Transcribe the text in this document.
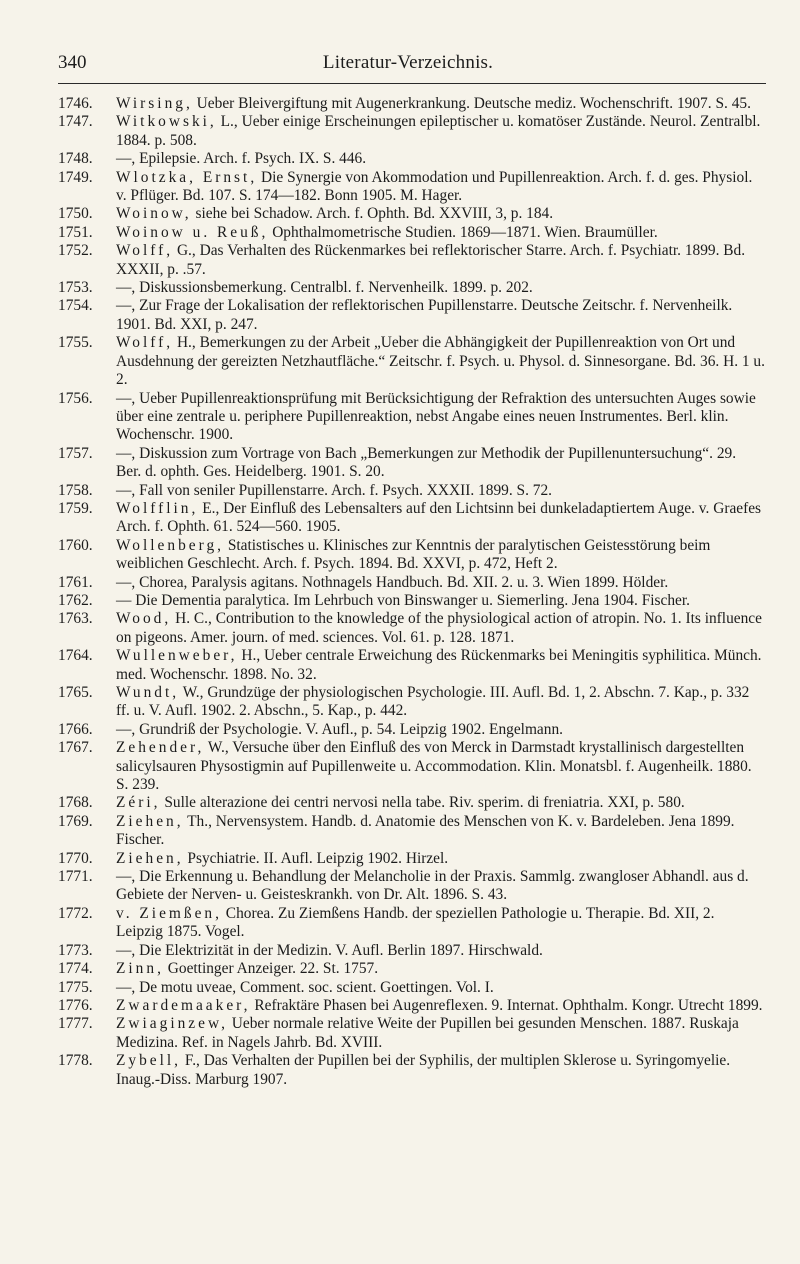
340	Literatur-Verzeichnis.

1746. Wirsing, Ueber Bleivergiftung mit Augenerkrankung. Deutsche mediz. Wochenschrift. 1907. S. 45.

1747. Witkowski, L., Ueber einige Erscheinungen epileptischer u. komatöser Zustände. Neurol. Zentralbl. 1884. p. 508.

1748. —, Epilepsie. Arch. f. Psych. IX. S. 446.

1749. Wlotzka, Ernst, Die Synergie von Akommodation und Pupillenreaktion. Arch. f. d. ges. Physiol. v. Pflüger. Bd. 107. S. 174—182. Bonn 1905. M. Hager.

1750. Woinow, siehe bei Schadow. Arch. f. Ophth. Bd. XXVIII, 3, p. 184.

1751. Woinow u. Reuß, Ophthalmometrische Studien. 1869—1871. Wien. Braumüller.

1752. Wolff, G., Das Verhalten des Rückenmarkes bei reflektorischer Starre. Arch. f. Psychiatr. 1899. Bd. XXXII, p. .57.

1753. —, Diskussionsbemerkung. Centralbl. f. Nervenheilk. 1899. p. 202.

1754. —, Zur Frage der Lokalisation der reflektorischen Pupillenstarre. Deutsche Zeitschr. f. Nervenheilk. 1901. Bd. XXI, p. 247.

1755. Wolff, H., Bemerkungen zu der Arbeit „Ueber die Abhängigkeit der Pupillenreaktion von Ort und Ausdehnung der gereizten Netzhautfläche.“ Zeitschr. f. Psych. u. Physol. d. Sinnesorgane. Bd. 36. H. 1 u. 2.

1756. —, Ueber Pupillenreaktionsprüfung mit Berücksichtigung der Refraktion des untersuchten Auges sowie über eine zentrale u. periphere Pupillenreaktion, nebst Angabe eines neuen Instrumentes. Berl. klin. Wochenschr. 1900.

1757. —, Diskussion zum Vortrage von Bach „Bemerkungen zur Methodik der Pupillenuntersuchung“. 29. Ber. d. ophth. Ges. Heidelberg. 1901. S. 20.

1758. —, Fall von seniler Pupillenstarre. Arch. f. Psych. XXXII. 1899. S. 72.

1759. Wolfflin, E., Der Einfluß des Lebensalters auf den Lichtsinn bei dunkeladaptiertem Auge. v. Graefes Arch. f. Ophth. 61. 524—560. 1905.

1760. Wollenberg, Statistisches u. Klinisches zur Kenntnis der paralytischen Geistesstörung beim weiblichen Geschlecht. Arch. f. Psych. 1894. Bd. XXVI, p. 472, Heft 2.

1761. —, Chorea, Paralysis agitans. Nothnagels Handbuch. Bd. XII. 2. u. 3. Wien 1899. Hölder.

1762. — Die Dementia paralytica. Im Lehrbuch von Binswanger u. Siemerling. Jena 1904. Fischer.

1763. Wood, H. C., Contribution to the knowledge of the physiological action of atropin. No. 1. Its influence on pigeons. Amer. journ. of med. sciences. Vol. 61. p. 128. 1871.

1764. Wullenweber, H., Ueber centrale Erweichung des Rückenmarks bei Meningitis syphilitica. Münch. med. Wochenschr. 1898. No. 32.

1765. Wundt, W., Grundzüge der physiologischen Psychologie. III. Aufl. Bd. 1, 2. Abschn. 7. Kap., p. 332 ff. u. V. Aufl. 1902. 2. Abschn., 5. Kap., p. 442.

1766. —, Grundriß der Psychologie. V. Aufl., p. 54. Leipzig 1902. Engelmann.

1767. Zehender, W., Versuche über den Einfluß des von Merck in Darmstadt krystallinisch dargestellten salicylsauren Physostigmin auf Pupillenweite u. Accommodation. Klin. Monatsbl. f. Augenheilk. 1880. S. 239.

1768. Zéri, Sulle alterazione dei centri nervosi nella tabe. Riv. sperim. di freniatria. XXI, p. 580.

1769. Ziehen, Th., Nervensystem. Handb. d. Anatomie des Menschen von K. v. Bardeleben. Jena 1899. Fischer.

1770. Ziehen, Psychiatrie. II. Aufl. Leipzig 1902. Hirzel.

1771. —, Die Erkennung u. Behandlung der Melancholie in der Praxis. Sammlg. zwangloser Abhandl. aus d. Gebiete der Nerven- u. Geisteskrankh. von Dr. Alt. 1896. S. 43.

1772. v. Ziemßen, Chorea. Zu Ziemßens Handb. der speziellen Pathologie u. Therapie. Bd. XII, 2. Leipzig 1875. Vogel.

1773. —, Die Elektrizität in der Medizin. V. Aufl. Berlin 1897. Hirschwald.

1774. Zinn, Goettinger Anzeiger. 22. St. 1757.

1775. —, De motu uveae, Comment. soc. scient. Goettingen. Vol. I.

1776. Zwardemaaker, Refraktäre Phasen bei Augenreflexen. 9. Internat. Ophthalm. Kongr. Utrecht 1899.

1777. Zwiaginzew, Ueber normale relative Weite der Pupillen bei gesunden Menschen. 1887. Ruskaja Medizina. Ref. in Nagels Jahrb. Bd. XVIII.

1778. Zybell, F., Das Verhalten der Pupillen bei der Syphilis, der multiplen Sklerose u. Syringomyelie. Inaug.-Diss. Marburg 1907.
